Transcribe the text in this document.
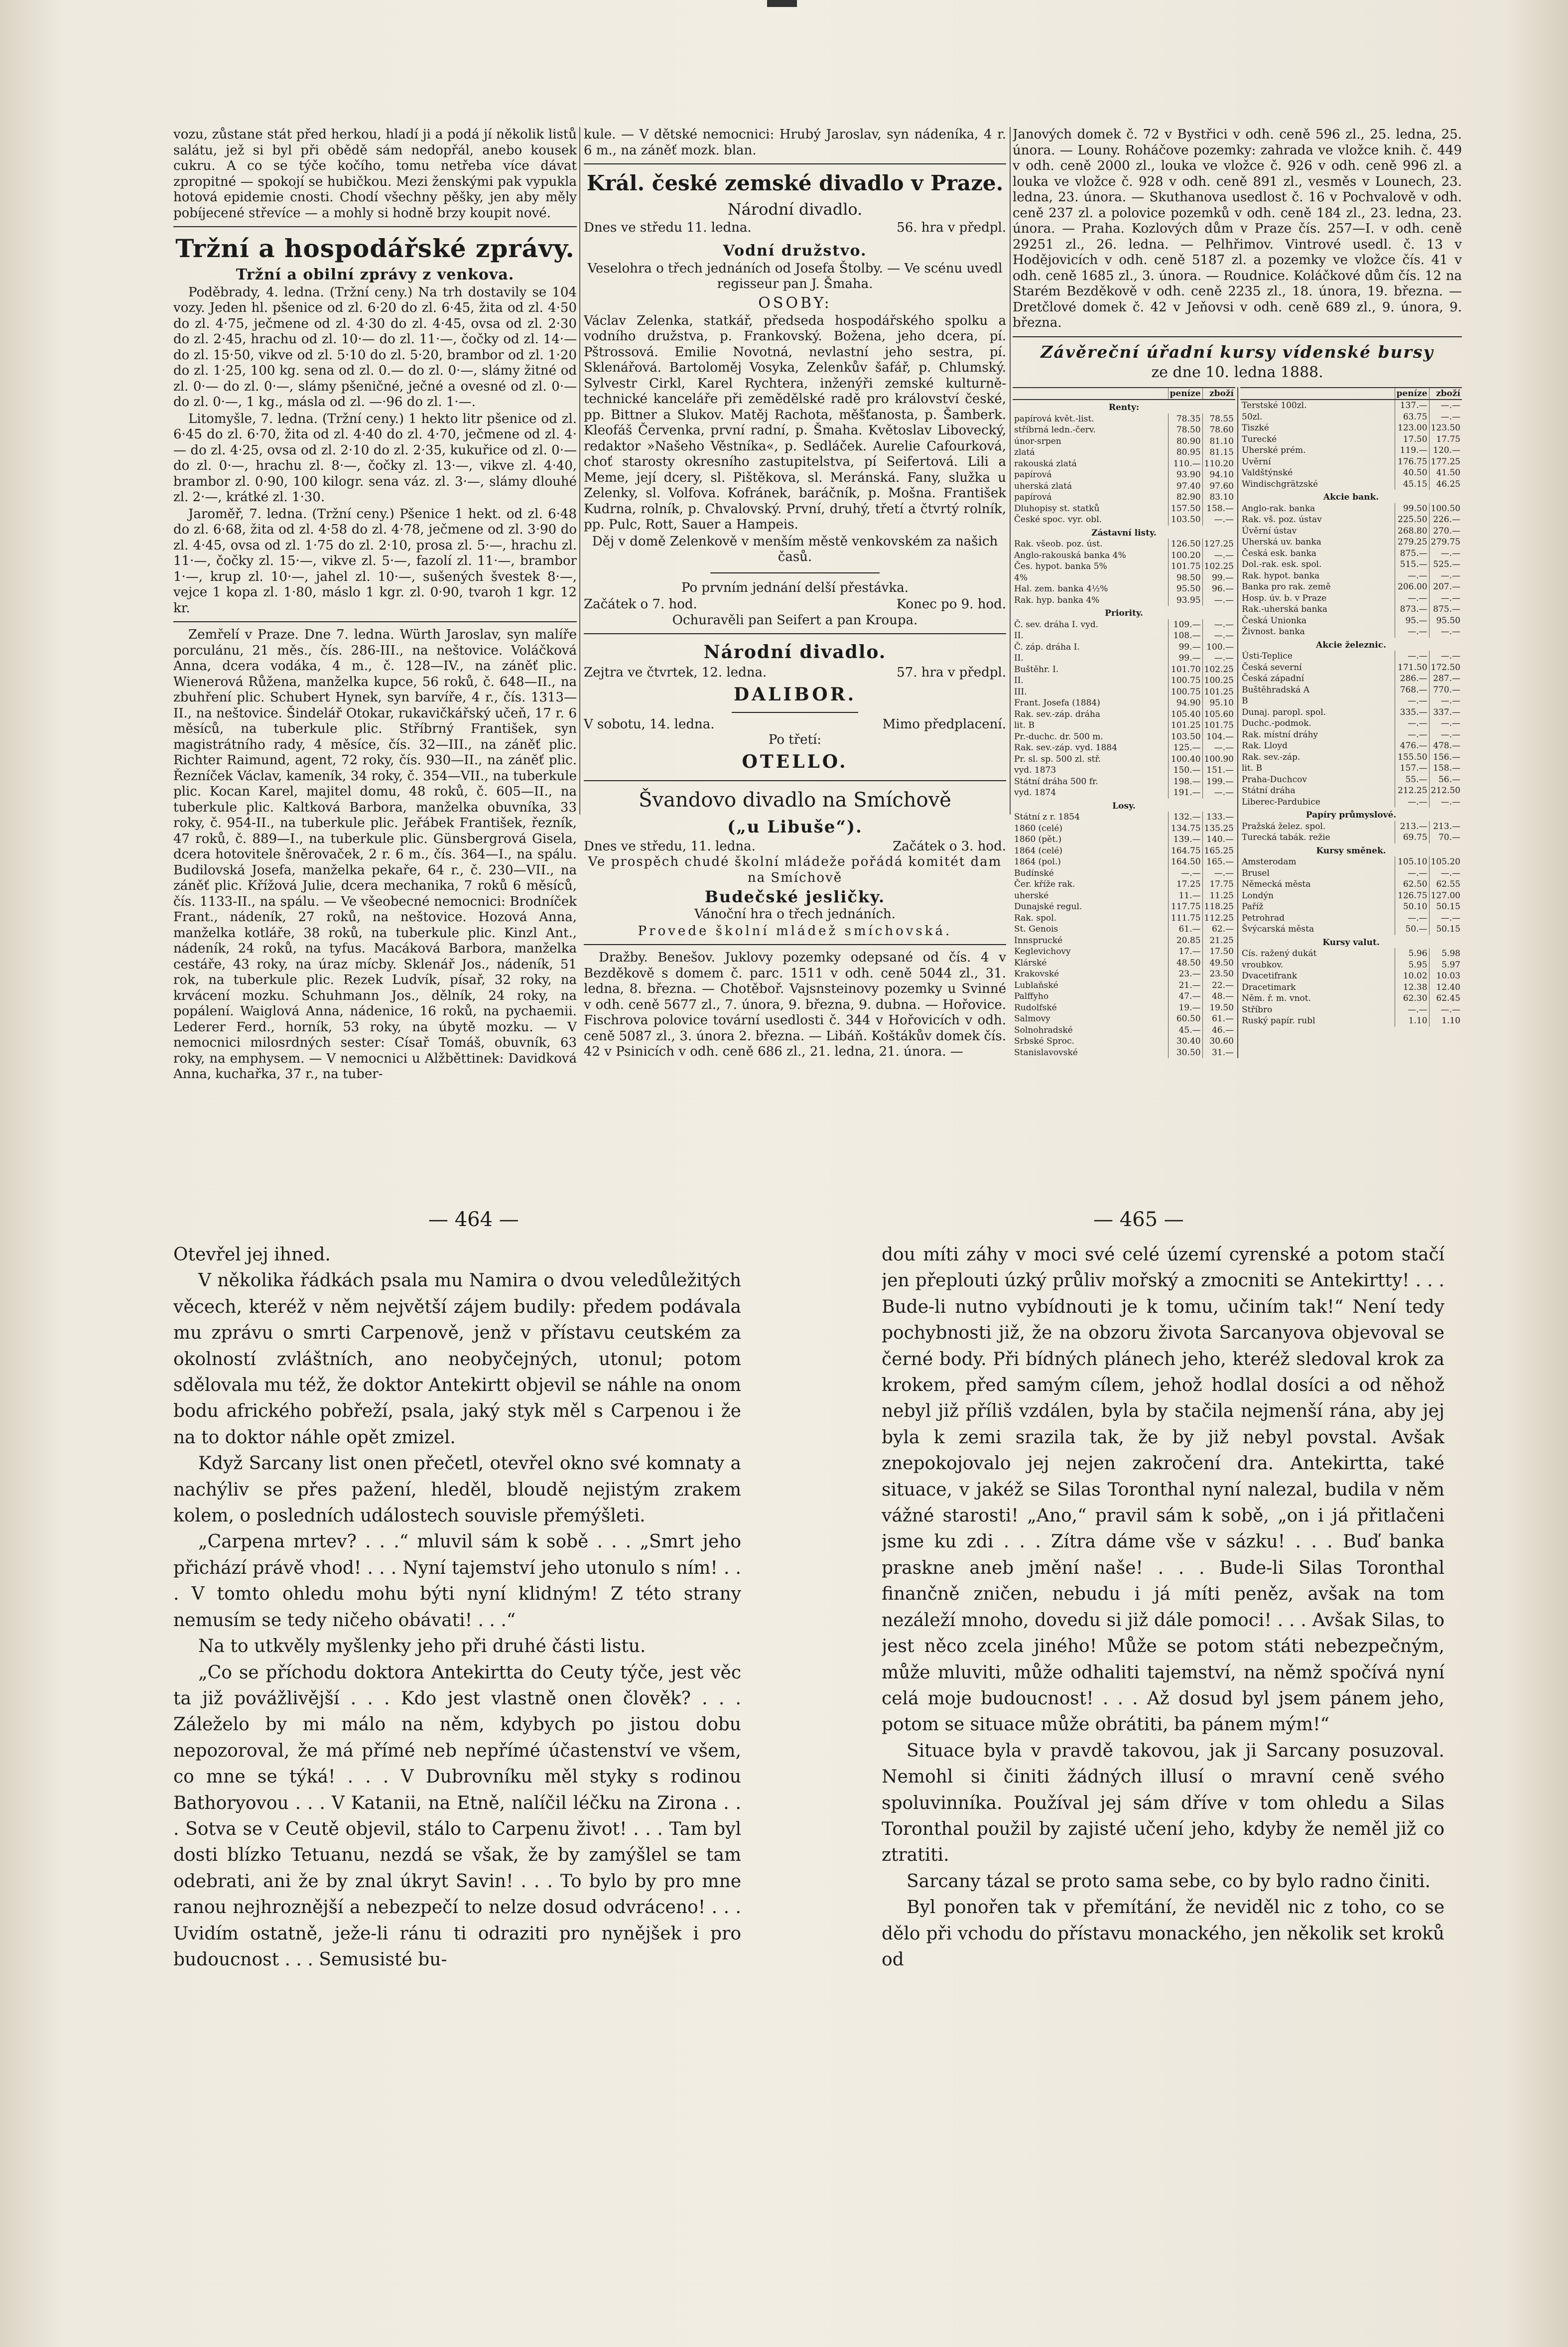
vozu, zůstane stát před herkou, hladí ji a podá jí několik listů salátu, jež si byl při obědě sám nedopřál, anebo kousek cukru. A co se týče kočího, tomu netřeba více dávat zpropitné — spokojí se hubičkou. Mezi ženskými pak vypukla hotová epidemie cnosti. Chodí všechny pěšky, jen aby měly pobíjecené střevíce — a mohly si hodně brzy koupit nové.

Tržní a hospodářské zprávy.
Tržní a obilní zprávy z venkova.

Poděbrady, 4. ledna. (Tržní ceny.) Na trh dostavily se 104 vozy. Jeden hl. pšenice od zl. 6·20 do zl. 6·45, žita od zl. 4·50 do zl. 4·75, ječmene od zl. 4·30 do zl. 4·45, ovsa od zl. 2·30 do zl. 2·45, hrachu od zl. 10·— do zl. 11·—, čočky od zl. 14·— do zl. 15·50, vikve od zl. 5·10 do zl. 5·20, brambor od zl. 1·20 do zl. 1·25, 100 kg. sena od zl. 0.— do zl. 0·—, slámy žitné od zl. 0·— do zl. 0·—, slámy pšeničné, ječné a ovesné od zl. 0·— do zl. 0·—, 1 kg., másla od zl. —·96 do zl. 1·—.

Litomyšle, 7. ledna. (Tržní ceny.) 1 hekto litr pšenice od zl. 6·45 do zl. 6·70, žita od zl. 4·40 do zl. 4·70, ječmene od zl. 4·— do zl. 4·25, ovsa od zl. 2·10 do zl. 2·35, kukuřice od zl. 0·— do zl. 0·—, hrachu zl. 8·—, čočky zl. 13·—, vikve zl. 4·40, brambor zl. 0·90, 100 kilogr. sena váz. zl. 3·—, slámy dlouhé zl. 2·—, krátké zl. 1·30.

Jaroměř, 7. ledna. (Tržní ceny.) Pšenice 1 hekt. od zl. 6·48 do zl. 6·68, žita od zl. 4·58 do zl. 4·78, ječmene od zl. 3·90 do zl. 4·45, ovsa od zl. 1·75 do zl. 2·10, prosa zl. 5·—, hrachu zl. 11·—, čočky zl. 15·—, vikve zl. 5·—, fazolí zl. 11·—, brambor 1·—, krup zl. 10·—, jahel zl. 10·—, sušených švestek 8·—, vejce 1 kopa zl. 1·80, máslo 1 kgr. zl. 0·90, tvaroh 1 kgr. 12 kr.

Zemřelí v Praze. Dne 7. ledna. Würth Jaroslav, syn malíře porculánu, 21 měs., čís. 286-III., na neštovice. Voláčková Anna, dcera vodáka, 4 m., č. 128—IV., na záněť plic. Wienerová Růžena, manželka kupce, 56 roků, č. 648—II., na zbuhření plic. Schubert Hynek, syn barvíře, 4 r., čís. 1313—II., na neštovice. Šindelář Otokar, rukavičkářský učeň, 17 r. 6 měsíců, na tuberkule plic. Stříbrný František, syn magistrátního rady, 4 měsíce, čís. 32—III., na záněť plic. Richter Raimund, agent, 72 roky, čís. 930—II., na záněť plic. Řezníček Václav, kameník, 34 roky, č. 354—VII., na tuberkule plic. Kocan Karel, majitel domu, 48 roků, č. 605—II., na tuberkule plic. Kaltková Barbora, manželka obuvníka, 33 roky, č. 954-II., na tuberkule plic. Jeřábek František, řezník, 47 roků, č. 889—I., na tuberkule plic. Günsbergrová Gisela, dcera hotovitele šněrovaček, 2 r. 6 m., čís. 364—I., na spálu. Budilovská Josefa, manželka pekaře, 64 r., č. 230—VII., na záněť plic. Křížová Julie, dcera mechanika, 7 roků 6 měsíců, čís. 1133-II., na spálu. — Ve všeobecné nemocnici: Brodníček Frant., nádeník, 27 roků, na neštovice. Hozová Anna, manželka kotláře, 38 roků, na tuberkule plic. Kinzl Ant., nádeník, 24 roků, na tyfus. Macáková Barbora, manželka cestáře, 43 roky, na úraz mícby. Sklenář Jos., nádeník, 51 rok, na tuberkule plic. Rezek Ludvík, písař, 32 roky, na krvácení mozku. Schuhmann Jos., dělník, 24 roky, na popálení. Waiglová Anna, nádenice, 16 roků, na pychaemii. Lederer Ferd., horník, 53 roky, na úbytě mozku. — V nemocnici milosrdných sester: Císař Tomáš, obuvník, 63 roky, na emphysem. — V nemocnici u Alžběttinek: Davidková Anna, kuchařka, 37 r., na tuber-

kule. — V dětské nemocnici: Hrubý Jaroslav, syn nádeníka, 4 r. 6 m., na záněť mozk. blan.

Král. české zemské divadlo v Praze.
Národní divadlo.
Dnes ve středu 11. ledna.	56. hra v předpl.
Vodní družstvo.

Veselohra o třech jednáních od Josefa Štolby. — Ve scénu uvedl regisseur pan J. Šmaha.

OSOBY:

Václav Zelenka, statkář, předseda hospodářského spolku a vodního družstva, p. Frankovský. Božena, jeho dcera, pí. Pštrossová. Emilie Novotná, nevlastní jeho sestra, pí. Sklenářová. Bartoloměj Vosyka, Zelenkův šafář, p. Chlumský. Sylvestr Cirkl, Karel Rychtera, inženýři zemské kulturně-technické kanceláře při zemědělské radě pro království české, pp. Bittner a Slukov. Matěj Rachota, měšťanosta, p. Šamberk. Kleofáš Červenka, první radní, p. Šmaha. Květoslav Libovecký, redaktor »Našeho Věstníka«, p. Sedláček. Aurelie Cafourková, choť starosty okresního zastupitelstva, pí Seifertová. Lili a Meme, její dcery, sl. Pištěkova, sl. Meránská. Fany, služka u Zelenky, sl. Volfova. Kofránek, baráčník, p. Mošna. František Kudrna, rolník, p. Chvalovský. První, druhý, třetí a čtvrtý rolník, pp. Pulc, Rott, Sauer a Hampeis.

Děj v domě Zelenkově v menším městě venkovském za našich časů.

Po prvním jednání delší přestávka.

Začátek o 7. hod.	Konec po 9. hod.

Ochuravěli pan Seifert a pan Kroupa.

Národní divadlo.
Zejtra ve čtvrtek, 12. ledna.	57. hra v předpl.
DALIBOR.
V sobotu, 14. ledna.	Mimo předplacení.
Po třetí:
OTELLO.
Švandovo divadlo na Smíchově
(„u Libuše“).
Dnes ve středu, 11. ledna.	Začátek o 3. hod.

Ve prospěch chudé školní mládeže pořádá komitét dam na Smíchově

Budečské jesličky.

Vánoční hra o třech jednáních.

Provede školní mládež smíchovská.

Dražby. Benešov. Juklovy pozemky odepsané od čís. 4 v Bezděkově s domem č. parc. 1511 v odh. ceně 5044 zl., 31. ledna, 8. března. — Chotěboř. Vajsnsteinovy pozemky u Svinné v odh. ceně 5677 zl., 7. února, 9. března, 9. dubna. — Hořovice. Fischrova polovice tovární usedlosti č. 344 v Hořovicích v odh. ceně 5087 zl., 3. února 2. března. — Libáň. Koštákův domek čís. 42 v Psinicích v odh. ceně 686 zl., 21. ledna, 21. února. —

Janových domek č. 72 v Bystřici v odh. ceně 596 zl., 25. ledna, 25. února. — Louny. Roháčove pozemky: zahrada ve vložce knih. č. 449 v odh. ceně 2000 zl., louka ve vložce č. 926 v odh. ceně 996 zl. a louka ve vložce č. 928 v odh. ceně 891 zl., vesměs v Lounech, 23. ledna, 23. února. — Skuthanova usedlost č. 16 v Pochvalově v odh. ceně 237 zl. a polovice pozemků v odh. ceně 184 zl., 23. ledna, 23. února. — Praha. Kozlových dům v Praze čís. 257—I. v odh. ceně 29251 zl., 26. ledna. — Pelhřimov. Vintrové usedl. č. 13 v Hodějovicích v odh. ceně 5187 zl. a pozemky ve vložce čís. 41 v odh. ceně 1685 zl., 3. února. — Roudnice. Koláčkové dům čís. 12 na Starém Bezděkově v odh. ceně 2235 zl., 18. února, 19. března. — Dretčlové domek č. 42 v Jeňovsi v odh. ceně 689 zl., 9. února, 9. března.

Závěreční úřadní kursy vídenské bursy
ze dne 10. ledna 1888.
	peníze	zboží
Renty:		
papírová květ.-list.	78.35	78.55
stříbrná ledn.-červ.	78.50	78.60
únor-srpen	80.90	81.10
zlatá	80.95	81.15
rakouská zlatá	110.—	110.20
papírová	93.90	94.10
uherská zlatá	97.40	97.60
papírová	82.90	83.10
Dluhopisy st. statků	157.50	158.—
České spoc. vyr. obl.	103.50	—.—
Zástavní listy.		
Rak. všeob. poz. úst.	126.50	127.25
Anglo-rakouská banka 4%	100.20	—.—
Čes. hypot. banka 5%	101.75	102.25
4%	98.50	99.—
Hal. zem. banka 4½%	95.50	96.—
Rak. hyp. banka 4%	93.95	—.—
Priority.		
Č. sev. dráha I. vyd.	109.—	—.—
II.	108.—	—.—
Č. záp. dráha I.	99.—	100.—
II.	99.—	—.—
Buštěhr. I.	101.70	102.25
II.	100.75	100.25
III.	100.75	101.25
Frant. Josefa (1884)	94.90	95.10
Rak. sev.-záp. dráha	105.40	105.60
lit. B	101.25	101.75
Pr.-duchc. dr. 500 m.	103.50	104.—
Rak. sev.-záp. vyd. 1884	125.—	—.—
Pr. sl. sp. 500 zl. stř.	100.40	100.90
vyd. 1873	150.—	151.—
Státní dráha 500 fr.	198.—	199.—
vyd. 1874	191.—	—.—
Losy.		
Státní z r. 1854	132.—	133.—
1860 (celé)	134.75	135.25
1860 (pět.)	139.—	140.—
1864 (celé)	164.75	165.25
1864 (pol.)	164.50	165.—
Budínské	—.—	—.—
Čer. kříže rak.	17.25	17.75
uherské	11.—	11.25
Dunajské regul.	117.75	118.25
Rak. spol.	111.75	112.25
St. Genois	61.—	62.—
Innsprucké	20.85	21.25
Keglevichovy	17.—	17.50
Klárské	48.50	49.50
Krakovské	23.—	23.50
Lublaňské	21.—	22.—
Palffyho	47.—	48.—
Rudolfské	19.—	19.50
Salmovy	60.50	61.—
Solnohradské	45.—	46.—
Srbské Sproc.	30.40	30.60
Stanislavovské	30.50	31.—
	peníze	zboží
Terstské 100zl.	137.—	—.—
50zl.	63.75	—.—
Tiszké	123.00	123.50
Turecké	17.50	17.75
Uherské prém.	119.—	120.—
Uvěrní	176.75	177.25
Valdštýnské	40.50	41.50
Windischgrätzské	45.15	46.25
Akcie bank.		
Anglo-rak. banka	99.50	100.50
Rak. vš. poz. ústav	225.50	226.—
Úvěrní ústav	268.80	270.—
Uherská uv. banka	279.25	279.75
Česká esk. banka	875.—	—.—
Dol.-rak. esk. spol.	515.—	525.—
Rak. hypot. banka	—.—	—.—
Banka pro rak. země	206.00	207.—
Hosp. úv. b. v Praze	—.—	—.—
Rak.-uherská banka	873.—	875.—
Česká Unionka	95.—	95.50
Živnost. banka	—.—	—.—
Akcie železnic.		
Ústi-Teplice	—.—	—.—
Česká severní	171.50	172.50
Česká západní	286.—	287.—
Buštěhradská A	768.—	770.—
B	—.—	—.—
Dunaj. paropl. spol.	335.—	337.—
Duchc.-podmok.	—.—	—.—
Rak. místní dráhy	—.—	—.—
Rak. Lloyd	476.—	478.—
Rak. sev.-záp.	155.50	156.—
lit. B	157.—	158.—
Praha-Duchcov	55.—	56.—
Státní dráha	212.25	212.50
Liberec-Pardubice	—.—	—.—
Papíry průmyslové.		
Pražská želez. spol.	213.—	213.—
Turecká tabák. režie	69.75	70.—
Kursy směnek.		
Amsterodam	105.10	105.20
Brusel	—.—	—.—
Německá města	62.50	62.55
Londýn	126.75	127.00
Paříž	50.10	50.15
Petrohrad	—.—	—.—
Švýcarská města	50.—	50.15
Kursy valut.		
Cís. ražený dukát	5.96	5.98
vroubkov.	5.95	5.97
Dvacetifrank	10.02	10.03
Dracetimark	12.38	12.40
Něm. ř. m. vnot.	62.30	62.45
Stříbro	—.—	—.—
Ruský papír. rubl	1.10	1.10
— 464 —	— 465 —

Otevřel jej ihned.

V několika řádkách psala mu Namira o dvou veledůležitých věcech, kteréž v něm největší zájem budily: předem podávala mu zprávu o smrti Carpenově, jenž v přístavu ceutském za okolností zvláštních, ano neobyčejných, utonul; potom sdělovala mu též, že doktor Antekirtt objevil se náhle na onom bodu afrického pobřeží, psala, jaký styk měl s Carpenou i že na to doktor náhle opět zmizel.

Když Sarcany list onen přečetl, otevřel okno své komnaty a nachýliv se přes pažení, hleděl, bloudě nejistým zrakem kolem, o posledních událostech souvisle přemýšleti.

„Carpena mrtev? . . .“ mluvil sám k sobě . . . „Smrt jeho přichází právě vhod! . . . Nyní tajemství jeho utonulo s ním! . . . V tomto ohledu mohu býti nyní klidným! Z této strany nemusím se tedy ničeho obávati! . . .“

Na to utkvěly myšlenky jeho při druhé části listu.

„Co se příchodu doktora Antekirtta do Ceuty týče, jest věc ta již povážlivější . . . Kdo jest vlastně onen člověk? . . . Záleželo by mi málo na něm, kdybych po jistou dobu nepozoroval, že má přímé neb nepřímé účastenství ve všem, co mne se týká! . . . V Dubrovníku měl styky s rodinou Bathoryovou . . . V Katanii, na Etně, nalíčil léčku na Zirona . . . Sotva se v Ceutě objevil, stálo to Carpenu život! . . . Tam byl dosti blízko Tetuanu, nezdá se však, že by zamýšlel se tam odebrati, ani že by znal úkryt Savin! . . . To bylo by pro mne ranou nejhroznější a nebezpečí to nelze dosud odvráceno! . . . Uvidím ostatně, ježe-li ránu ti odraziti pro nynějšek i pro budoucnost . . . Semusisté bu-

dou míti záhy v moci své celé území cyrenské a potom stačí jen přeplouti úzký průliv mořský a zmocniti se Antekirtty! . . . Bude-li nutno vybídnouti je k tomu, učiním tak!“ Není tedy pochybnosti již, že na obzoru života Sarcanyova objevoval se černé body. Při bídných plánech jeho, kteréž sledoval krok za krokem, před samým cílem, jehož hodlal dosíci a od něhož nebyl již příliš vzdálen, byla by stačila nejmenší rána, aby jej byla k zemi srazila tak, že by již nebyl povstal. Avšak znepokojovalo jej nejen zakročení dra. Antekirtta, také situace, v jakéž se Silas Toronthal nyní nalezal, budila v něm vážné starosti! „Ano,“ pravil sám k sobě, „on i já přitlačeni jsme ku zdi . . . Zítra dáme vše v sázku! . . . Buď banka praskne aneb jmění naše! . . . Bude-li Silas Toronthal finančně zničen, nebudu i já míti peněz, avšak na tom nezáleží mnoho, dovedu si již dále pomoci! . . . Avšak Silas, to jest něco zcela jiného! Může se potom státi nebezpečným, může mluviti, může odhaliti tajemství, na němž spočívá nyní celá moje budoucnost! . . . Až dosud byl jsem pánem jeho, potom se situace může obrátiti, ba pánem mým!“

Situace byla v pravdě takovou, jak ji Sarcany posuzoval. Nemohl si činiti žádných illusí o mravní ceně svého spoluvinníka. Používal jej sám dříve v tom ohledu a Silas Toronthal použil by zajisté učení jeho, kdyby že neměl již co ztratiti.

Sarcany tázal se proto sama sebe, co by bylo radno činiti.

Byl ponořen tak v přemítání, že neviděl nic z toho, co se dělo při vchodu do přístavu monackého, jen několik set kroků od
